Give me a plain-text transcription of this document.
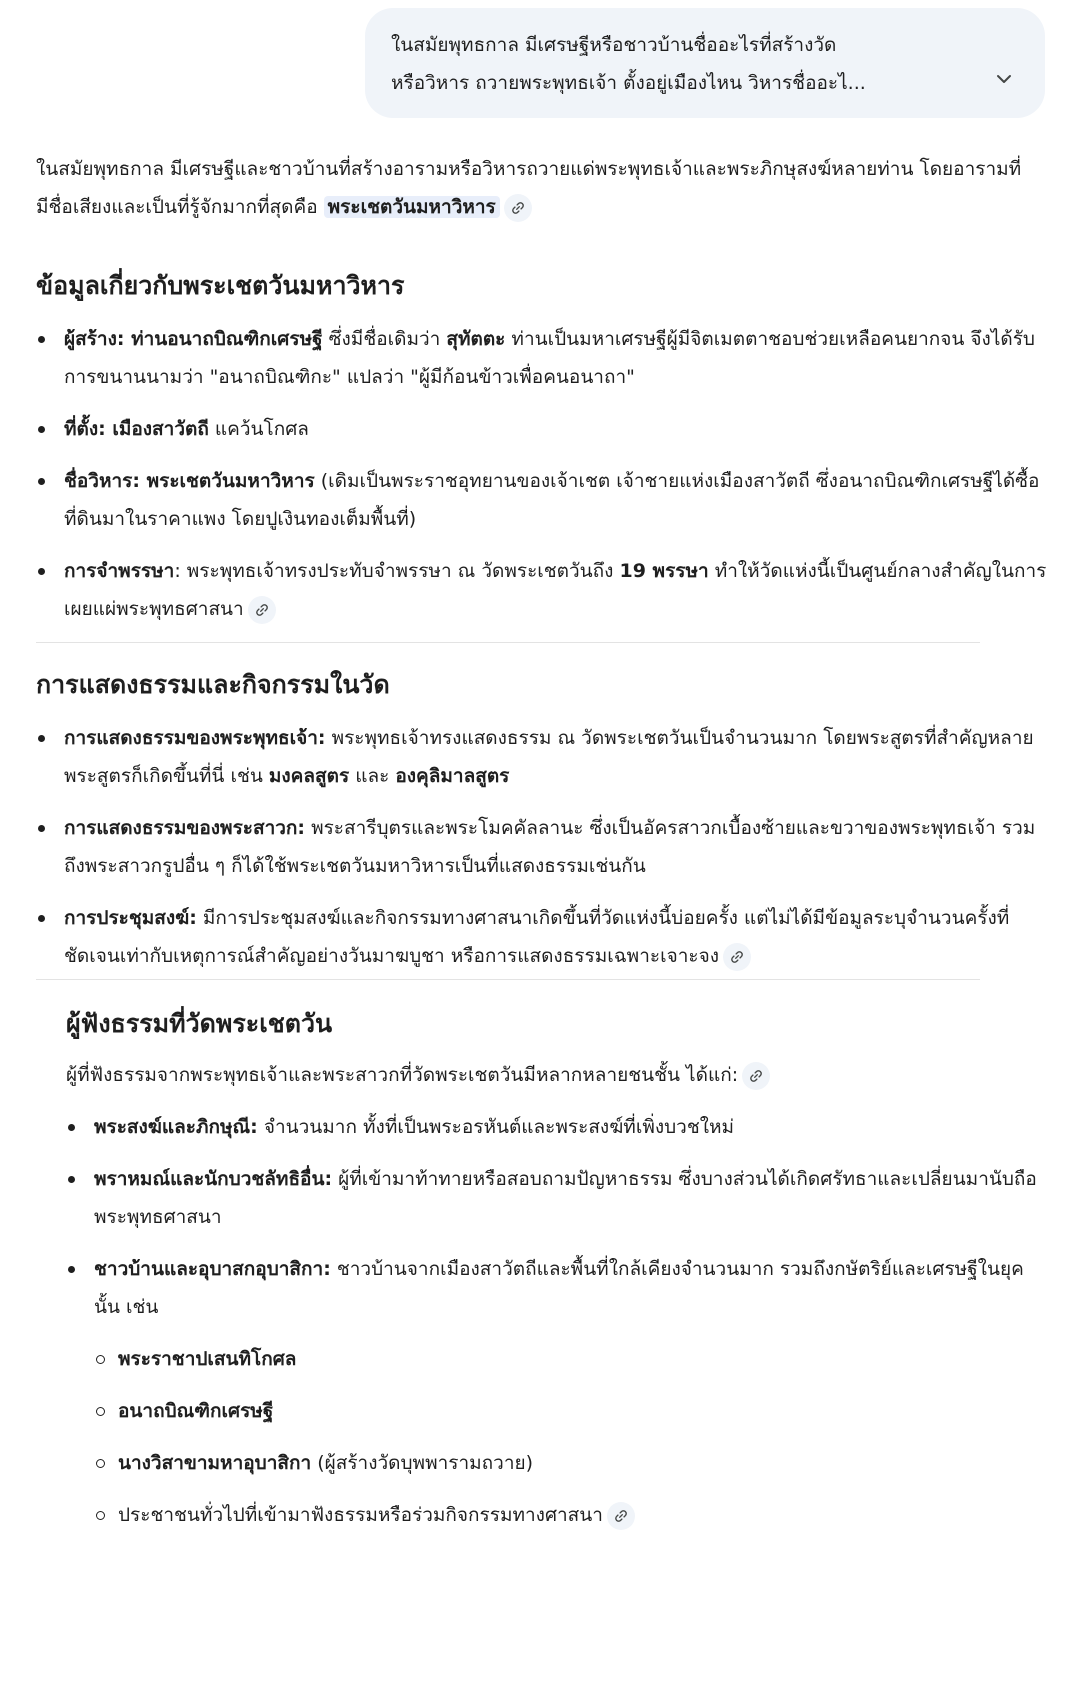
ในสมัยพุทธกาล มีเศรษฐีหรือชาวบ้านชื่ออะไรที่สร้างวัด
หรือวิหาร ถวายพระพุทธเจ้า ตั้งอยู่เมืองไหน วิหารชื่ออะไ...

ในสมัยพุทธกาล มีเศรษฐีและชาวบ้านที่สร้างอารามหรือวิหารถวายแด่พระพุทธเจ้าและพระภิกษุสงฆ์หลายท่าน โดยอารามที่มีชื่อเสียงและเป็นที่รู้จักมากที่สุดคือ พระเชตวันมหาวิหาร

ข้อมูลเกี่ยวกับพระเชตวันมหาวิหาร
ผู้สร้าง: ท่านอนาถบิณฑิกเศรษฐี ซึ่งมีชื่อเดิมว่า สุทัตตะ ท่านเป็นมหาเศรษฐีผู้มีจิตเมตตาชอบช่วยเหลือคนยากจน จึงได้รับการขนานนามว่า "อนาถบิณฑิกะ" แปลว่า "ผู้มีก้อนข้าวเพื่อคนอนาถา"
ที่ตั้ง: เมืองสาวัตถี แคว้นโกศล
ชื่อวิหาร: พระเชตวันมหาวิหาร (เดิมเป็นพระราชอุทยานของเจ้าเชต เจ้าชายแห่งเมืองสาวัตถี ซึ่งอนาถบิณฑิกเศรษฐีได้ซื้อที่ดินมาในราคาแพง โดยปูเงินทองเต็มพื้นที่)
การจำพรรษา: พระพุทธเจ้าทรงประทับจำพรรษา ณ วัดพระเชตวันถึง 19 พรรษา ทำให้วัดแห่งนี้เป็นศูนย์กลางสำคัญในการเผยแผ่พระพุทธศาสนา
การแสดงธรรมและกิจกรรมในวัด
การแสดงธรรมของพระพุทธเจ้า: พระพุทธเจ้าทรงแสดงธรรม ณ วัดพระเชตวันเป็นจำนวนมาก โดยพระสูตรที่สำคัญหลายพระสูตรก็เกิดขึ้นที่นี่ เช่น มงคลสูตร และ องคุลิมาลสูตร
การแสดงธรรมของพระสาวก: พระสารีบุตรและพระโมคคัลลานะ ซึ่งเป็นอัครสาวกเบื้องซ้ายและขวาของพระพุทธเจ้า รวมถึงพระสาวกรูปอื่น ๆ ก็ได้ใช้พระเชตวันมหาวิหารเป็นที่แสดงธรรมเช่นกัน
การประชุมสงฆ์: มีการประชุมสงฆ์และกิจกรรมทางศาสนาเกิดขึ้นที่วัดแห่งนี้บ่อยครั้ง แต่ไม่ได้มีข้อมูลระบุจำนวนครั้งที่ชัดเจนเท่ากับเหตุการณ์สำคัญอย่างวันมาฆบูชา หรือการแสดงธรรมเฉพาะเจาะจง
ผู้ฟังธรรมที่วัดพระเชตวัน

ผู้ที่ฟังธรรมจากพระพุทธเจ้าและพระสาวกที่วัดพระเชตวันมีหลากหลายชนชั้น ได้แก่:

พระสงฆ์และภิกษุณี: จำนวนมาก ทั้งที่เป็นพระอรหันต์และพระสงฆ์ที่เพิ่งบวชใหม่
พราหมณ์และนักบวชลัทธิอื่น: ผู้ที่เข้ามาท้าทายหรือสอบถามปัญหาธรรม ซึ่งบางส่วนได้เกิดศรัทธาและเปลี่ยนมานับถือพระพุทธศาสนา
ชาวบ้านและอุบาสกอุบาสิกา: ชาวบ้านจากเมืองสาวัตถีและพื้นที่ใกล้เคียงจำนวนมาก รวมถึงกษัตริย์และเศรษฐีในยุคนั้น เช่น
พระราชาปเสนทิโกศล
อนาถบิณฑิกเศรษฐี
นางวิสาขามหาอุบาสิกา (ผู้สร้างวัดบุพพารามถวาย)
ประชาชนทั่วไปที่เข้ามาฟังธรรมหรือร่วมกิจกรรมทางศาสนา
